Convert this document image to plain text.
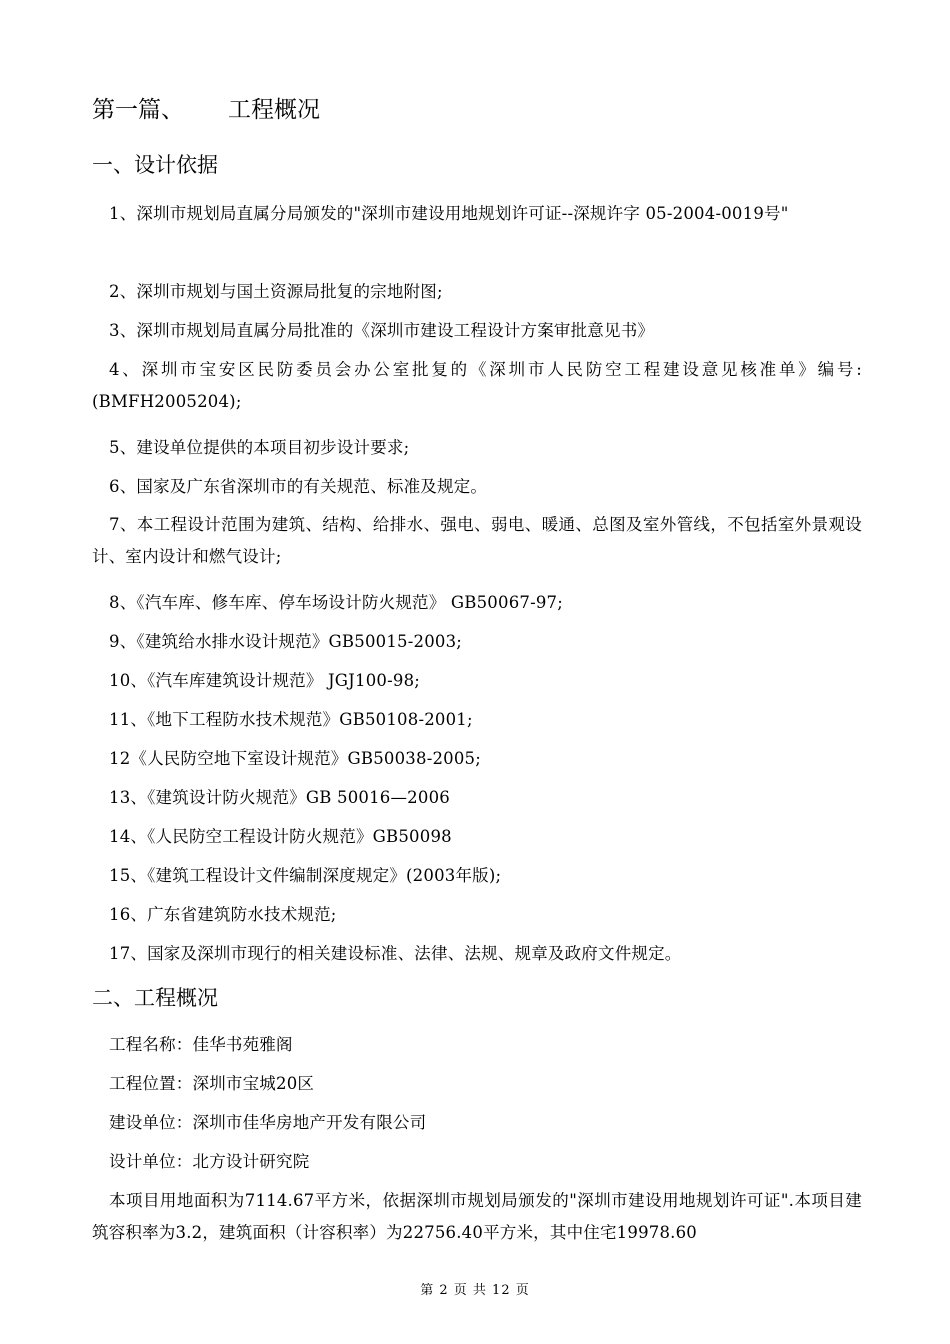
第一篇、 工程概况
一、设计依据
1、深圳市规划局直属分局颁发的"深圳市建设用地规划许可证--深规许字 05-2004-0019号"
2、深圳市规划与国土资源局批复的宗地附图;
3、深圳市规划局直属分局批准的《深圳市建设工程设计方案审批意见书》
4、深圳市宝安区民防委员会办公室批复的《深圳市人民防空工程建设意见核准单》编号:(BMFH2005204);
5、建设单位提供的本项目初步设计要求;
6、国家及广东省深圳市的有关规范、标准及规定。
7、本工程设计范围为建筑、结构、给排水、强电、弱电、暖通、总图及室外管线，不包括室外景观设计、室内设计和燃气设计;
8、《汽车库、修车库、停车场设计防火规范》 GB50067-97;
9、《建筑给水排水设计规范》GB50015-2003;
10、《汽车库建筑设计规范》 JGJ100-98;
11、《地下工程防水技术规范》GB50108-2001;
12《人民防空地下室设计规范》GB50038-2005;
13、《建筑设计防火规范》GB 50016—2006
14、《人民防空工程设计防火规范》GB50098
15、《建筑工程设计文件编制深度规定》(2003年版);
16、广东省建筑防水技术规范;
17、国家及深圳市现行的相关建设标准、法律、法规、规章及政府文件规定。
二、工程概况
工程名称：佳华书苑雅阁
工程位置：深圳市宝城20区
建设单位：深圳市佳华房地产开发有限公司
设计单位：北方设计研究院
本项目用地面积为7114.67平方米，依据深圳市规划局颁发的"深圳市建设用地规划许可证".本项目建筑容积率为3.2，建筑面积（计容积率）为22756.40平方米，其中住宅19978.60
第 2 页 共 12 页
